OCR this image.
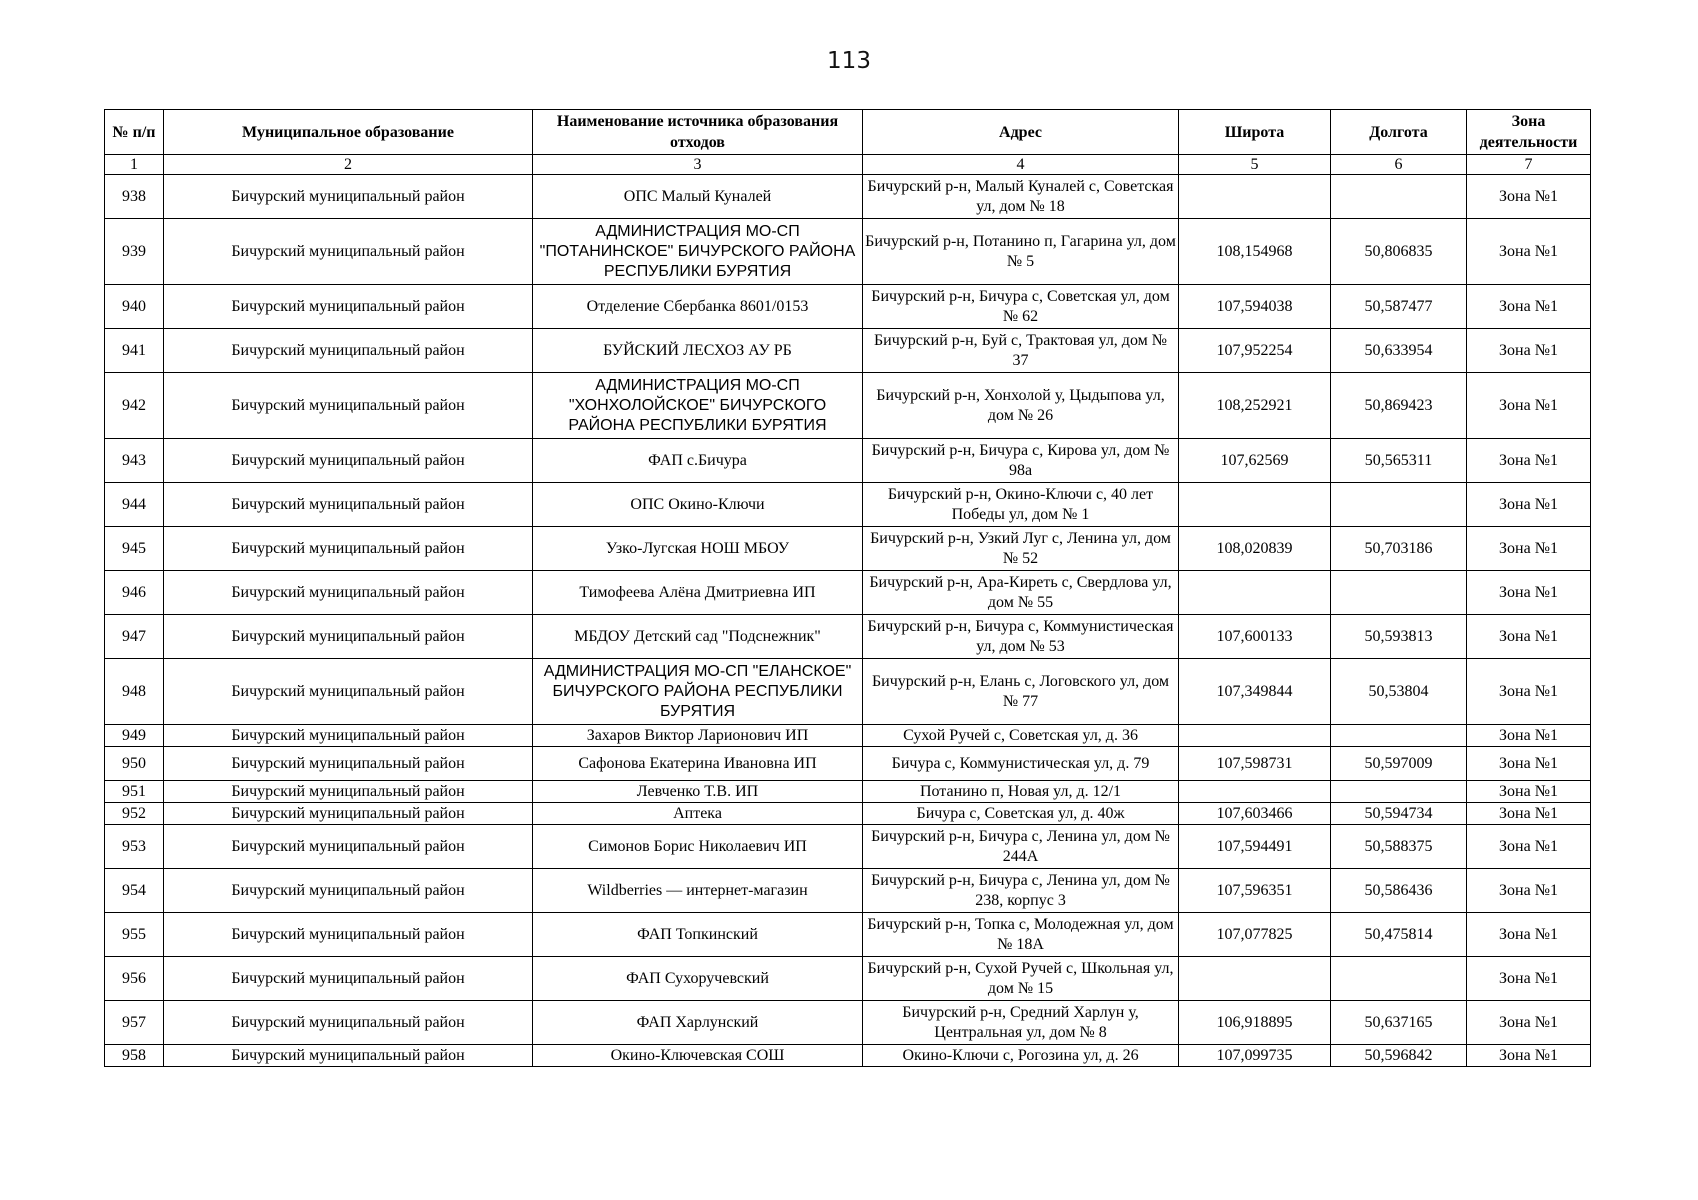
113
№ п/п	Муниципальное образование	Наименование источника образования отходов	Адрес	Широта	Долгота	Зона деятельности
1	2	3	4	5	6	7
938	Бичурский муниципальный район	ОПС Малый Куналей	Бичурский р-н, Малый Куналей с, Советская ул, дом № 18			Зона №1
939	Бичурский муниципальный район	АДМИНИСТРАЦИЯ МО-СП "ПОТАНИНСКОЕ" БИЧУРСКОГО РАЙОНА РЕСПУБЛИКИ БУРЯТИЯ	Бичурский р-н, Потанино п, Гагарина ул, дом № 5	108,154968	50,806835	Зона №1
940	Бичурский муниципальный район	Отделение Сбербанка 8601/0153	Бичурский р-н, Бичура с, Советская ул, дом № 62	107,594038	50,587477	Зона №1
941	Бичурский муниципальный район	БУЙСКИЙ ЛЕСХОЗ АУ РБ	Бичурский р-н, Буй с, Трактовая ул, дом № 37	107,952254	50,633954	Зона №1
942	Бичурский муниципальный район	АДМИНИСТРАЦИЯ МО-СП "ХОНХОЛОЙСКОЕ" БИЧУРСКОГО РАЙОНА РЕСПУБЛИКИ БУРЯТИЯ	Бичурский р-н, Хонхолой у, Цыдыпова ул, дом № 26	108,252921	50,869423	Зона №1
943	Бичурский муниципальный район	ФАП с.Бичура	Бичурский р-н, Бичура с, Кирова ул, дом № 98а	107,62569	50,565311	Зона №1
944	Бичурский муниципальный район	ОПС Окино-Ключи	Бичурский р-н, Окино-Ключи с, 40 лет Победы ул, дом № 1			Зона №1
945	Бичурский муниципальный район	Узко-Лугская НОШ МБОУ	Бичурский р-н, Узкий Луг с, Ленина ул, дом № 52	108,020839	50,703186	Зона №1
946	Бичурский муниципальный район	Тимофеева Алёна Дмитриевна ИП	Бичурский р-н, Ара-Киреть с, Свердлова ул, дом № 55			Зона №1
947	Бичурский муниципальный район	МБДОУ Детский сад "Подснежник"	Бичурский р-н, Бичура с, Коммунистическая ул, дом № 53	107,600133	50,593813	Зона №1
948	Бичурский муниципальный район	АДМИНИСТРАЦИЯ МО-СП "ЕЛАНСКОЕ" БИЧУРСКОГО РАЙОНА РЕСПУБЛИКИ БУРЯТИЯ	Бичурский р-н, Елань с, Логовского ул, дом № 77	107,349844	50,53804	Зона №1
949	Бичурский муниципальный район	Захаров Виктор Ларионович ИП	Сухой Ручей с, Советская ул, д. 36			Зона №1
950	Бичурский муниципальный район	Сафонова Екатерина Ивановна ИП	Бичура с, Коммунистическая ул, д. 79	107,598731	50,597009	Зона №1
951	Бичурский муниципальный район	Левченко Т.В. ИП	Потанино п, Новая ул, д. 12/1			Зона №1
952	Бичурский муниципальный район	Аптека	Бичура с, Советская ул, д. 40ж	107,603466	50,594734	Зона №1
953	Бичурский муниципальный район	Симонов Борис Николаевич ИП	Бичурский р-н, Бичура с, Ленина ул, дом № 244А	107,594491	50,588375	Зона №1
954	Бичурский муниципальный район	Wildberries — интернет-магазин	Бичурский р-н, Бичура с, Ленина ул, дом № 238, корпус 3	107,596351	50,586436	Зона №1
955	Бичурский муниципальный район	ФАП Топкинский	Бичурский р-н, Топка с, Молодежная ул, дом № 18А	107,077825	50,475814	Зона №1
956	Бичурский муниципальный район	ФАП Сухоручевский	Бичурский р-н, Сухой Ручей с, Школьная ул, дом № 15			Зона №1
957	Бичурский муниципальный район	ФАП Харлунский	Бичурский р-н, Средний Харлун у, Центральная ул, дом № 8	106,918895	50,637165	Зона №1
958	Бичурский муниципальный район	Окино-Ключевская СОШ	Окино-Ключи с, Рогозина ул, д. 26	107,099735	50,596842	Зона №1
